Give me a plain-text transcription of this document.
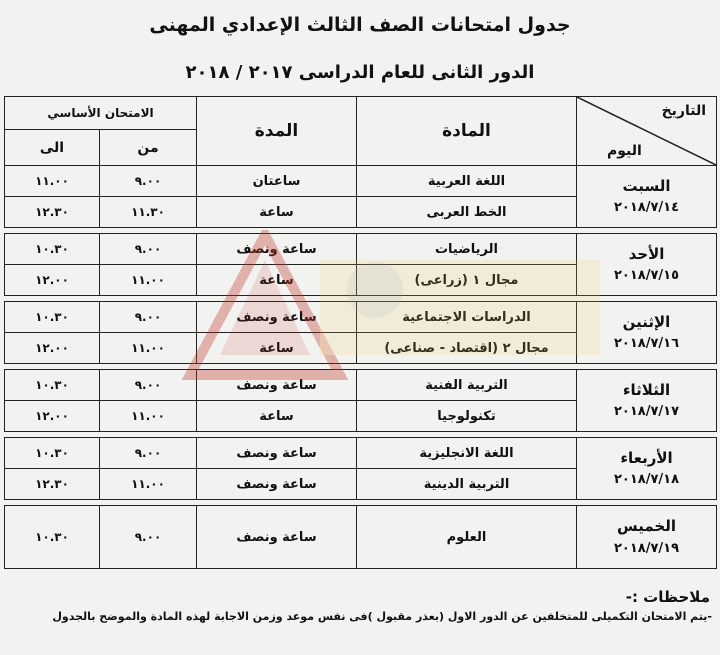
جدول امتحانات الصف الثالث الإعدادي المهنى
الدور الثانى للعام الدراسى ٢٠١٧ / ٢٠١٨
التاريخ
اليوم	المادة	المدة	الامتحان الأساسي	
			من	الى

السبت
٢٠١٨/٧/١٤	اللغة العربية	ساعتان	٩.٠٠	١١.٠٠
	الخط العربى	ساعة	١١.٣٠	١٢.٣٠

الأحد
٢٠١٨/٧/١٥	الرياضيات	ساعة ونصف	٩.٠٠	١٠.٣٠
	مجال ١ (زراعى)	ساعة	١١.٠٠	١٢.٠٠

الإثنين
٢٠١٨/٧/١٦	الدراسات الاجتماعية	ساعة ونصف	٩.٠٠	١٠.٣٠
	مجال ٢ (اقتصاد - صناعى)	ساعة	١١.٠٠	١٢.٠٠

الثلاثاء
٢٠١٨/٧/١٧	التربية الفنية	ساعة ونصف	٩.٠٠	١٠.٣٠
	تكنولوجيا	ساعة	١١.٠٠	١٢.٠٠

الأربعاء
٢٠١٨/٧/١٨	اللغة الانجليزية	ساعة ونصف	٩.٠٠	١٠.٣٠
	التربية الدينية	ساعة ونصف	١١.٠٠	١٢.٣٠

الخميس
٢٠١٨/٧/١٩	العلوم	ساعة ونصف	٩.٠٠	١٠.٣٠
ملاحظات :-
-يتم الامتحان التكميلى للمتخلفين عن الدور الاول (بعذر مقبول )فى نفس موعد وزمن الاجابة لهذه المادة والموضح بالجدول
